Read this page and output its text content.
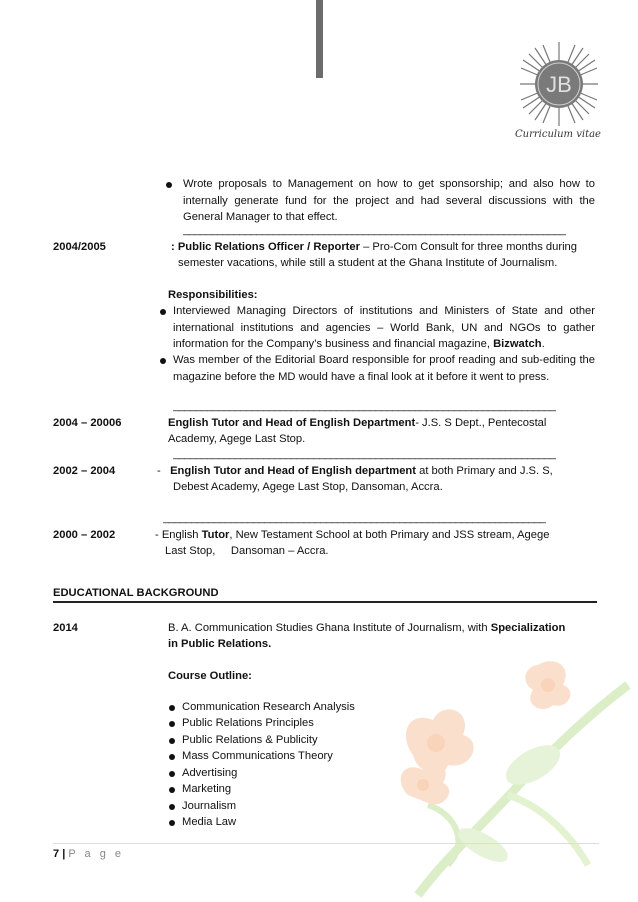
JB
Curriculum vitae
Wrote proposals to Management on how to get sponsorship; and also how to internally generate fund for the project and had several discussions with the General Manager to that effect.
____________________________________________________________________
2004/2005	: Public Relations Officer / Reporter – Pro-Com Consult for three months during
semester vacations, while still a student at the Ghana Institute of Journalism.
Responsibilities:
Interviewed Managing Directors of institutions and Ministers of State and other international institutions and agencies – World Bank, UN and NGOs to gather information for the Company’s business and financial magazine, Bizwatch.
Was member of the Editorial Board responsible for proof reading and sub-editing the magazine before the MD would have a final look at it before it went to press.
____________________________________________________________________
2004 – 20006	English Tutor and Head of English Department- J.S. S Dept., Pentecostal
Academy, Agege Last Stop.
____________________________________________________________________
2002 – 2004	- English Tutor and Head of English department at both Primary and J.S. S,
Debest Academy, Agege Last Stop, Dansoman, Accra.
____________________________________________________________________
2000 – 2002	- English Tutor, New Testament School at both Primary and JSS stream, Agege
Last Stop,     Dansoman – Accra.
EDUCATIONAL BACKGROUND
2014	B. A. Communication Studies Ghana Institute of Journalism, with Specialization
in Public Relations.
Course Outline:
Communication Research Analysis
Public Relations Principles
Public Relations & Publicity
Mass Communications Theory
Advertising
Marketing
Journalism
Media Law
7 | P a g e
